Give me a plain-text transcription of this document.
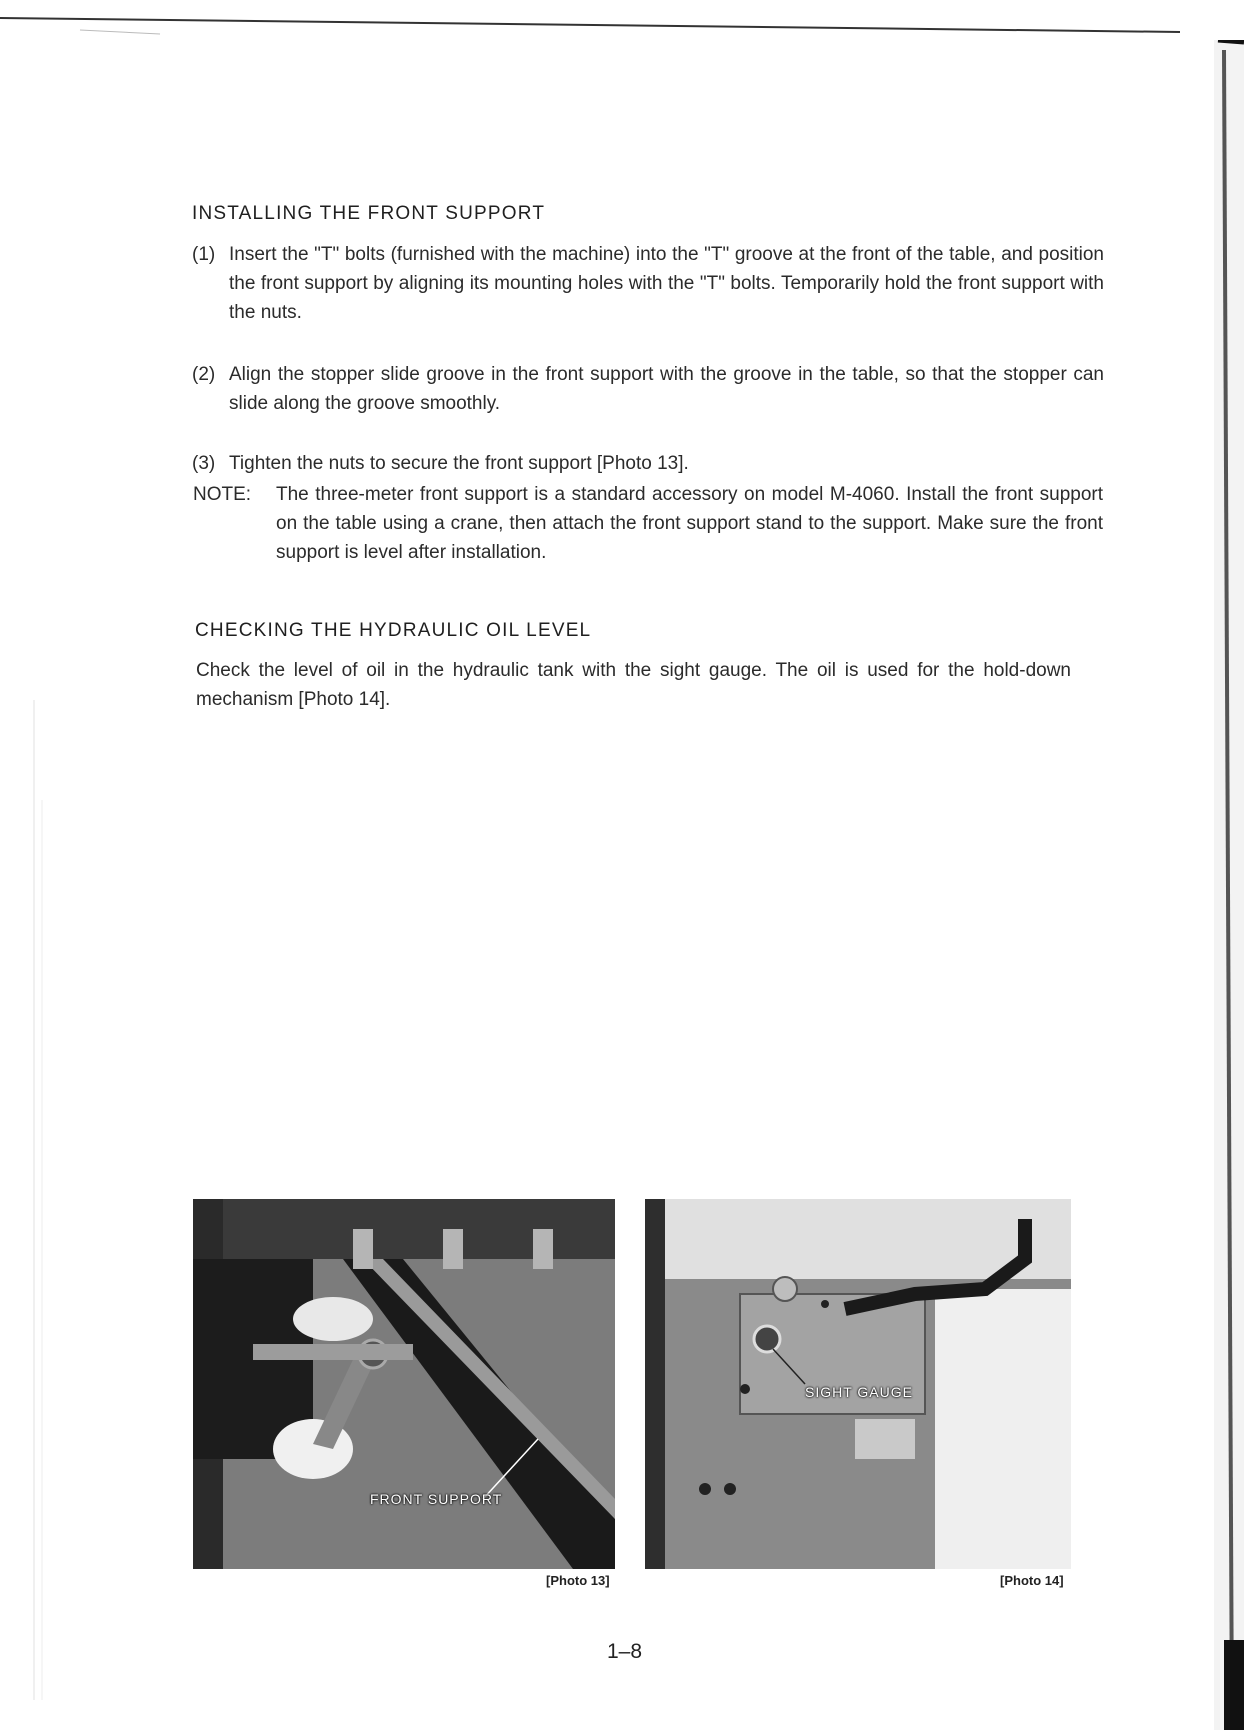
INSTALLING THE FRONT SUPPORT
(1) Insert the "T" bolts (furnished with the machine) into the "T" groove at the front of the table, and position the front support by aligning its mounting holes with the "T" bolts. Temporarily hold the front support with the nuts.
(2) Align the stopper slide groove in the front support with the groove in the table, so that the stopper can slide along the groove smoothly.
(3) Tighten the nuts to secure the front support [Photo 13].
NOTE:	The three-meter front support is a standard accessory on model M-4060. Install the front support on the table using a crane, then attach the front support stand to the support. Make sure the front support is level after installation.
CHECKING THE HYDRAULIC OIL LEVEL

Check the level of oil in the hydraulic tank with the sight gauge. The oil is used for the hold-down mechanism [Photo 14].

FRONT SUPPORT
[Photo 13]
SIGHT GAUGE
[Photo 14]
1–8
